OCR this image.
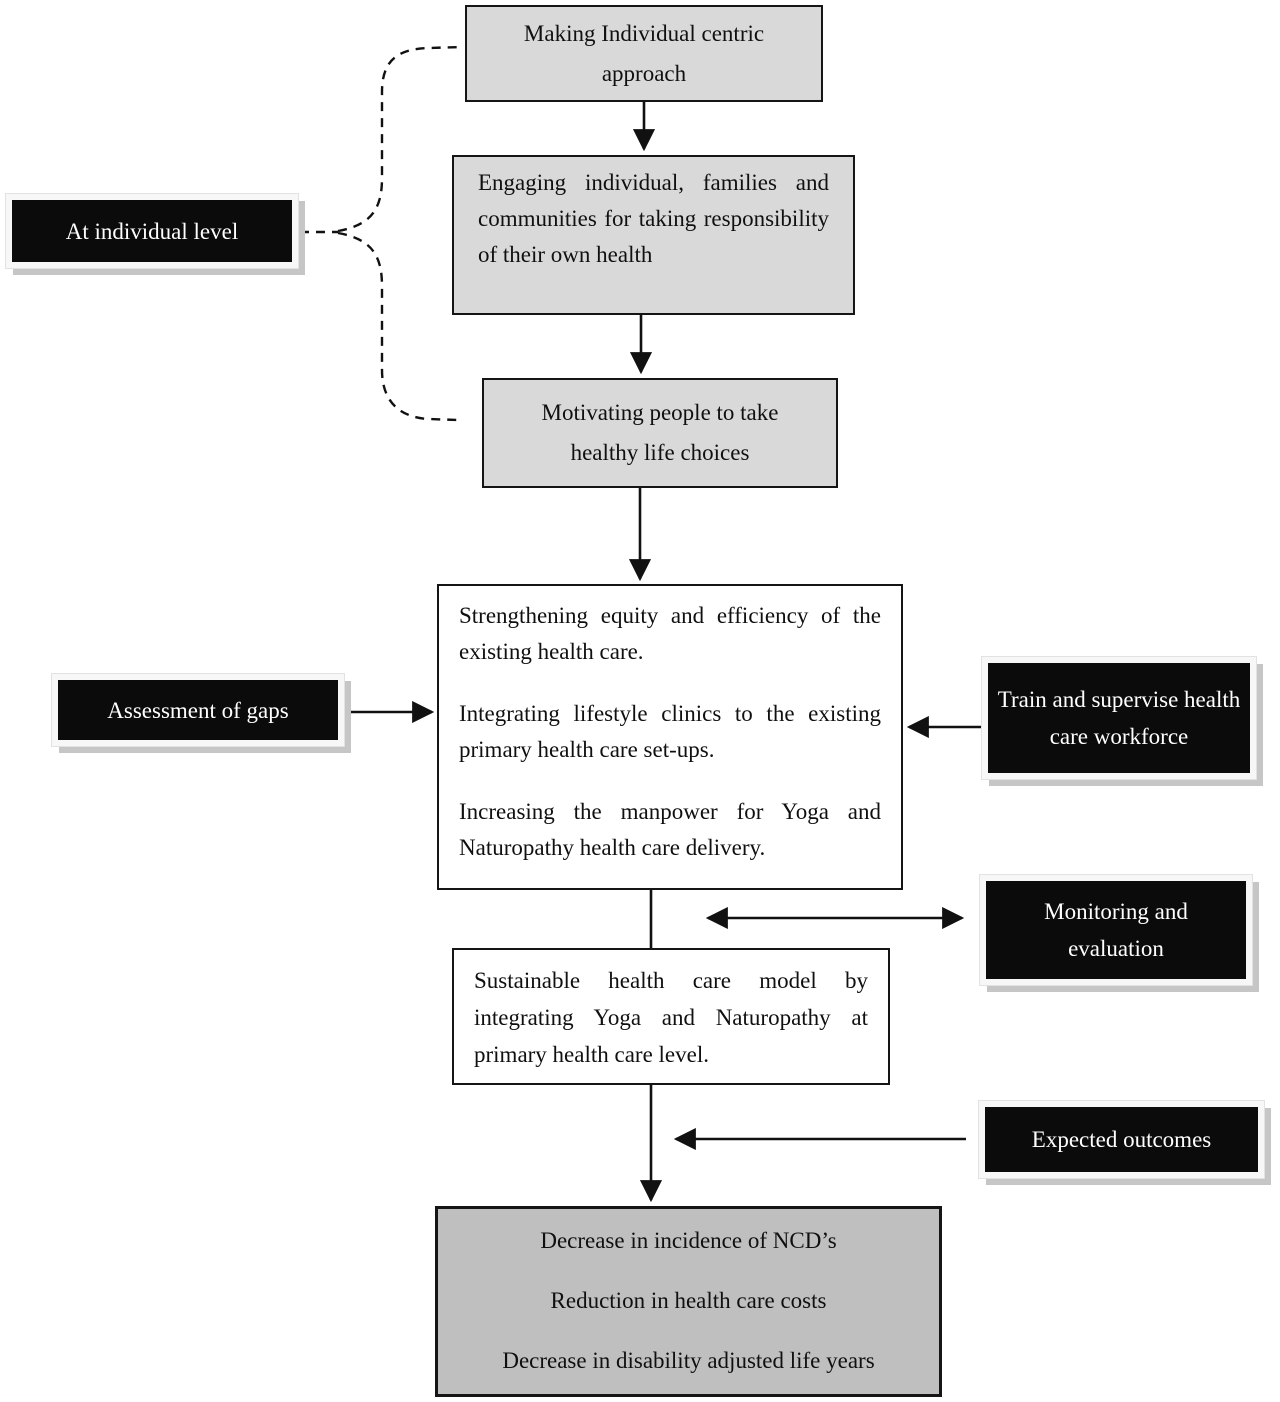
Making Individual centric approach
Engaging individual, families and communities for taking responsibility of their own health
Motivating people to take healthy life choices

Strengthening equity and efficiency of the existing health care.

Integrating lifestyle clinics to the existing primary health care set-ups.

Increasing the manpower for Yoga and Naturopathy health care delivery.

Sustainable health care model by integrating Yoga and Naturopathy at primary health care level.

Decrease in incidence of NCD’s

Reduction in health care costs

Decrease in disability adjusted life years

At individual level
Assessment of gaps	Train and supervise health care workforce
Monitoring and evaluation
Expected outcomes
